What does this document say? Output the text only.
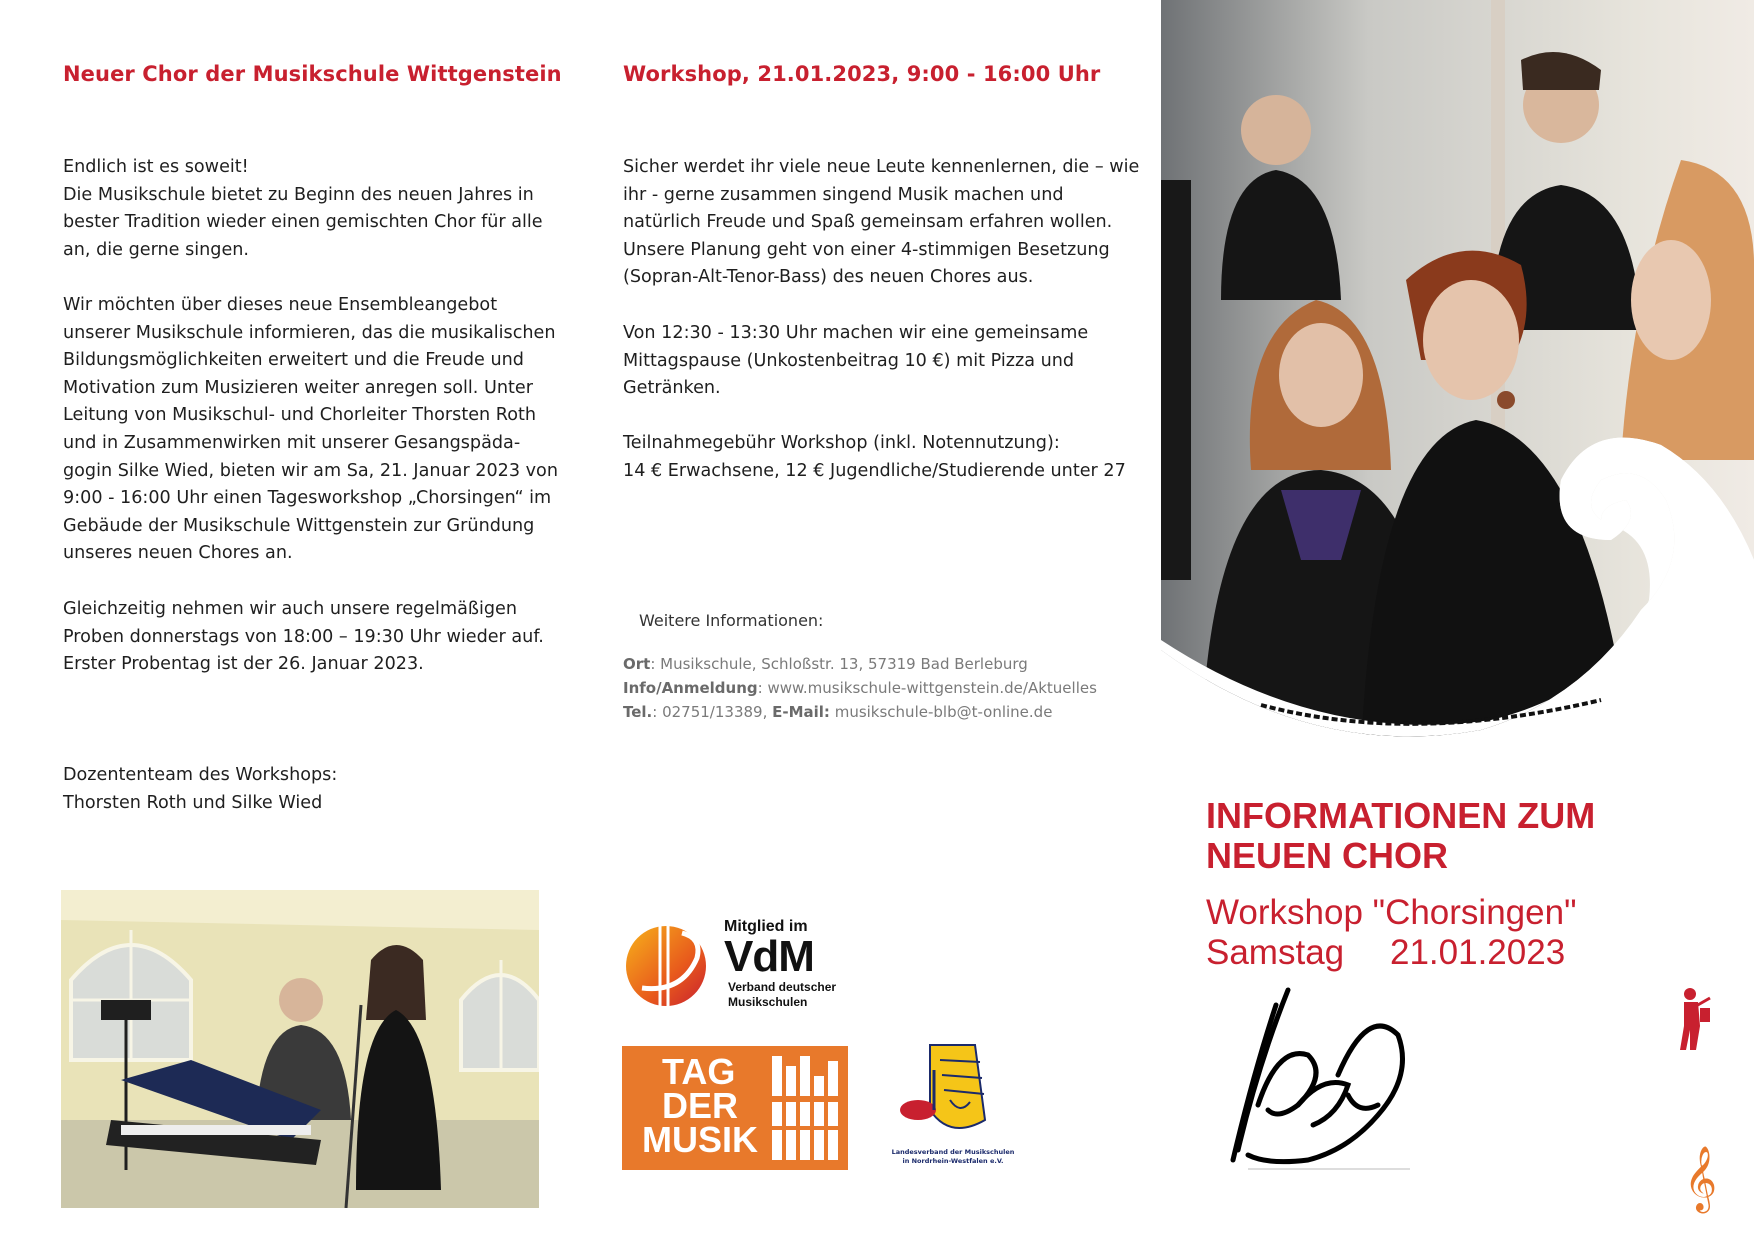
Neuer Chor der Musikschule Wittgenstein
Endlich ist es soweit!
Die Musikschule bietet zu Beginn des neuen Jahres in
bester Tradition wieder einen gemischten Chor für alle
an, die gerne singen.
Wir möchten über dieses neue Ensembleangebot
unserer Musikschule informieren, das die musikalischen
Bildungsmöglichkeiten erweitert und die Freude und
Motivation zum Musizieren weiter anregen soll. Unter
Leitung von Musikschul- und Chorleiter Thorsten Roth
und in Zusammenwirken mit unserer Gesangspäda-
gogin Silke Wied, bieten wir am Sa, 21. Januar 2023 von
9:00 - 16:00 Uhr einen Tagesworkshop „Chorsingen“ im
Gebäude der Musikschule Wittgenstein zur Gründung
unseres neuen Chores an.
Gleichzeitig nehmen wir auch unsere regelmäßigen
Proben donnerstags von 18:00 – 19:30 Uhr wieder auf.
Erster Probentag ist der 26. Januar 2023.
Dozententeam des Workshops:
Thorsten Roth und Silke Wied
Workshop, 21.01.2023, 9:00 - 16:00 Uhr
Sicher werdet ihr viele neue Leute kennenlernen, die – wie
ihr - gerne zusammen singend Musik machen und
natürlich Freude und Spaß gemeinsam erfahren wollen.
Unsere Planung geht von einer 4-stimmigen Besetzung
(Sopran-Alt-Tenor-Bass) des neuen Chores aus.
Von 12:30 - 13:30 Uhr machen wir eine gemeinsame
Mittagspause (Unkostenbeitrag 10 €) mit Pizza und
Getränken.
Teilnahmegebühr Workshop (inkl. Notennutzung):
14 € Erwachsene, 12 € Jugendliche/Studierende unter 27
Weitere Informationen:
Ort: Musikschule, Schloßstr. 13, 57319 Bad Berleburg
Info/Anmeldung: www.musikschule-wittgenstein.de/Aktuelles
Tel.: 02751/13389, E-Mail: musikschule-blb@t-online.de
Mitglied im
VdM
Verband deutscher
Musikschulen
TAG
DER
MUSIK	Landesverband der Musikschulen
in Nordrhein-Westfalen e.V.
INFORMATIONEN ZUM
NEUEN CHOR
Workshop "Chorsingen"
Samstag 21.01.2023
𝄞
